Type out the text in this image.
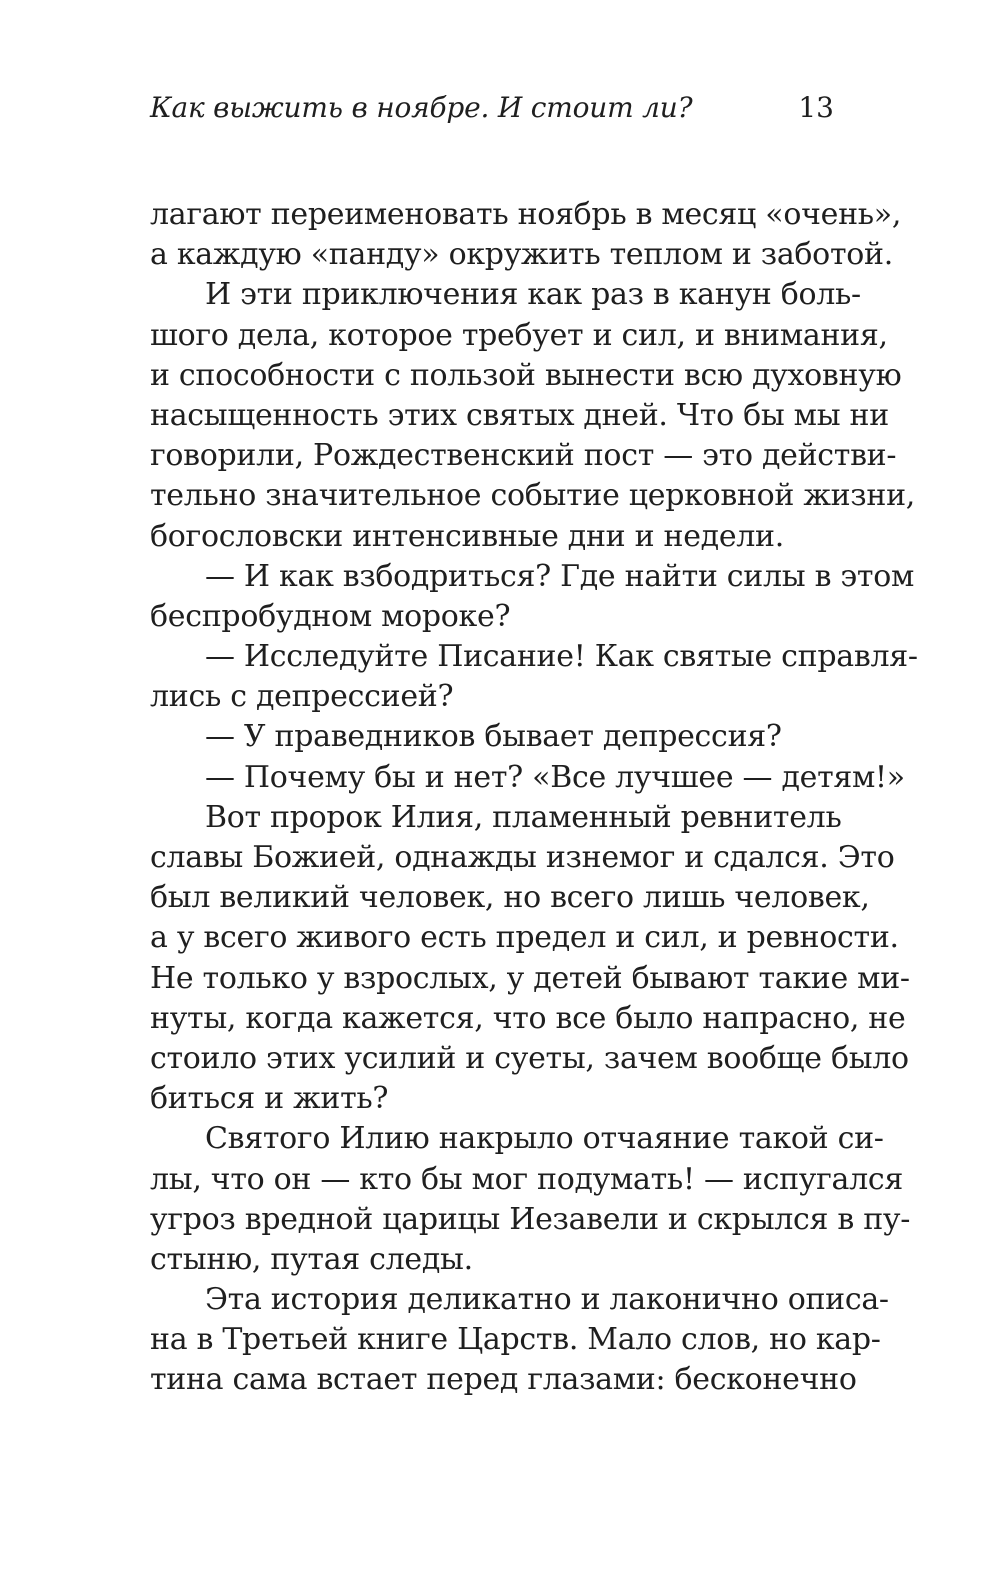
Как выжить в ноябре. И стоит ли?	13
лагают переименовать ноябрь в месяц «очень»,
а каждую «панду» окружить теплом и заботой.
И эти приключения как раз в канун боль-
шого дела, которое требует и сил, и внимания,
и способности с пользой вынести всю духовную
насыщенность этих святых дней. Что бы мы ни
говорили, Рождественский пост — это действи-
тельно значительное событие церковной жизни,
богословски интенсивные дни и недели.
— И как взбодриться? Где найти силы в этом
беспробудном мороке?
— Исследуйте Писание! Как святые справля-
лись с депрессией?
— У праведников бывает депрессия?
— Почему бы и нет? «Все лучшее — детям!»
Вот пророк Илия, пламенный ревнитель
славы Божией, однажды изнемог и сдался. Это
был великий человек, но всего лишь человек,
а у всего живого есть предел и сил, и ревности.
Не только у взрослых, у детей бывают такие ми-
нуты, когда кажется, что все было напрасно, не
стоило этих усилий и суеты, зачем вообще было
биться и жить?
Святого Илию накрыло отчаяние такой си-
лы, что он — кто бы мог подумать! — испугался
угроз вредной царицы Иезавели и скрылся в пу-
стыню, путая следы.
Эта история деликатно и лаконично описа-
на в Третьей книге Царств. Мало слов, но кар-
тина сама встает перед глазами: бесконечно
